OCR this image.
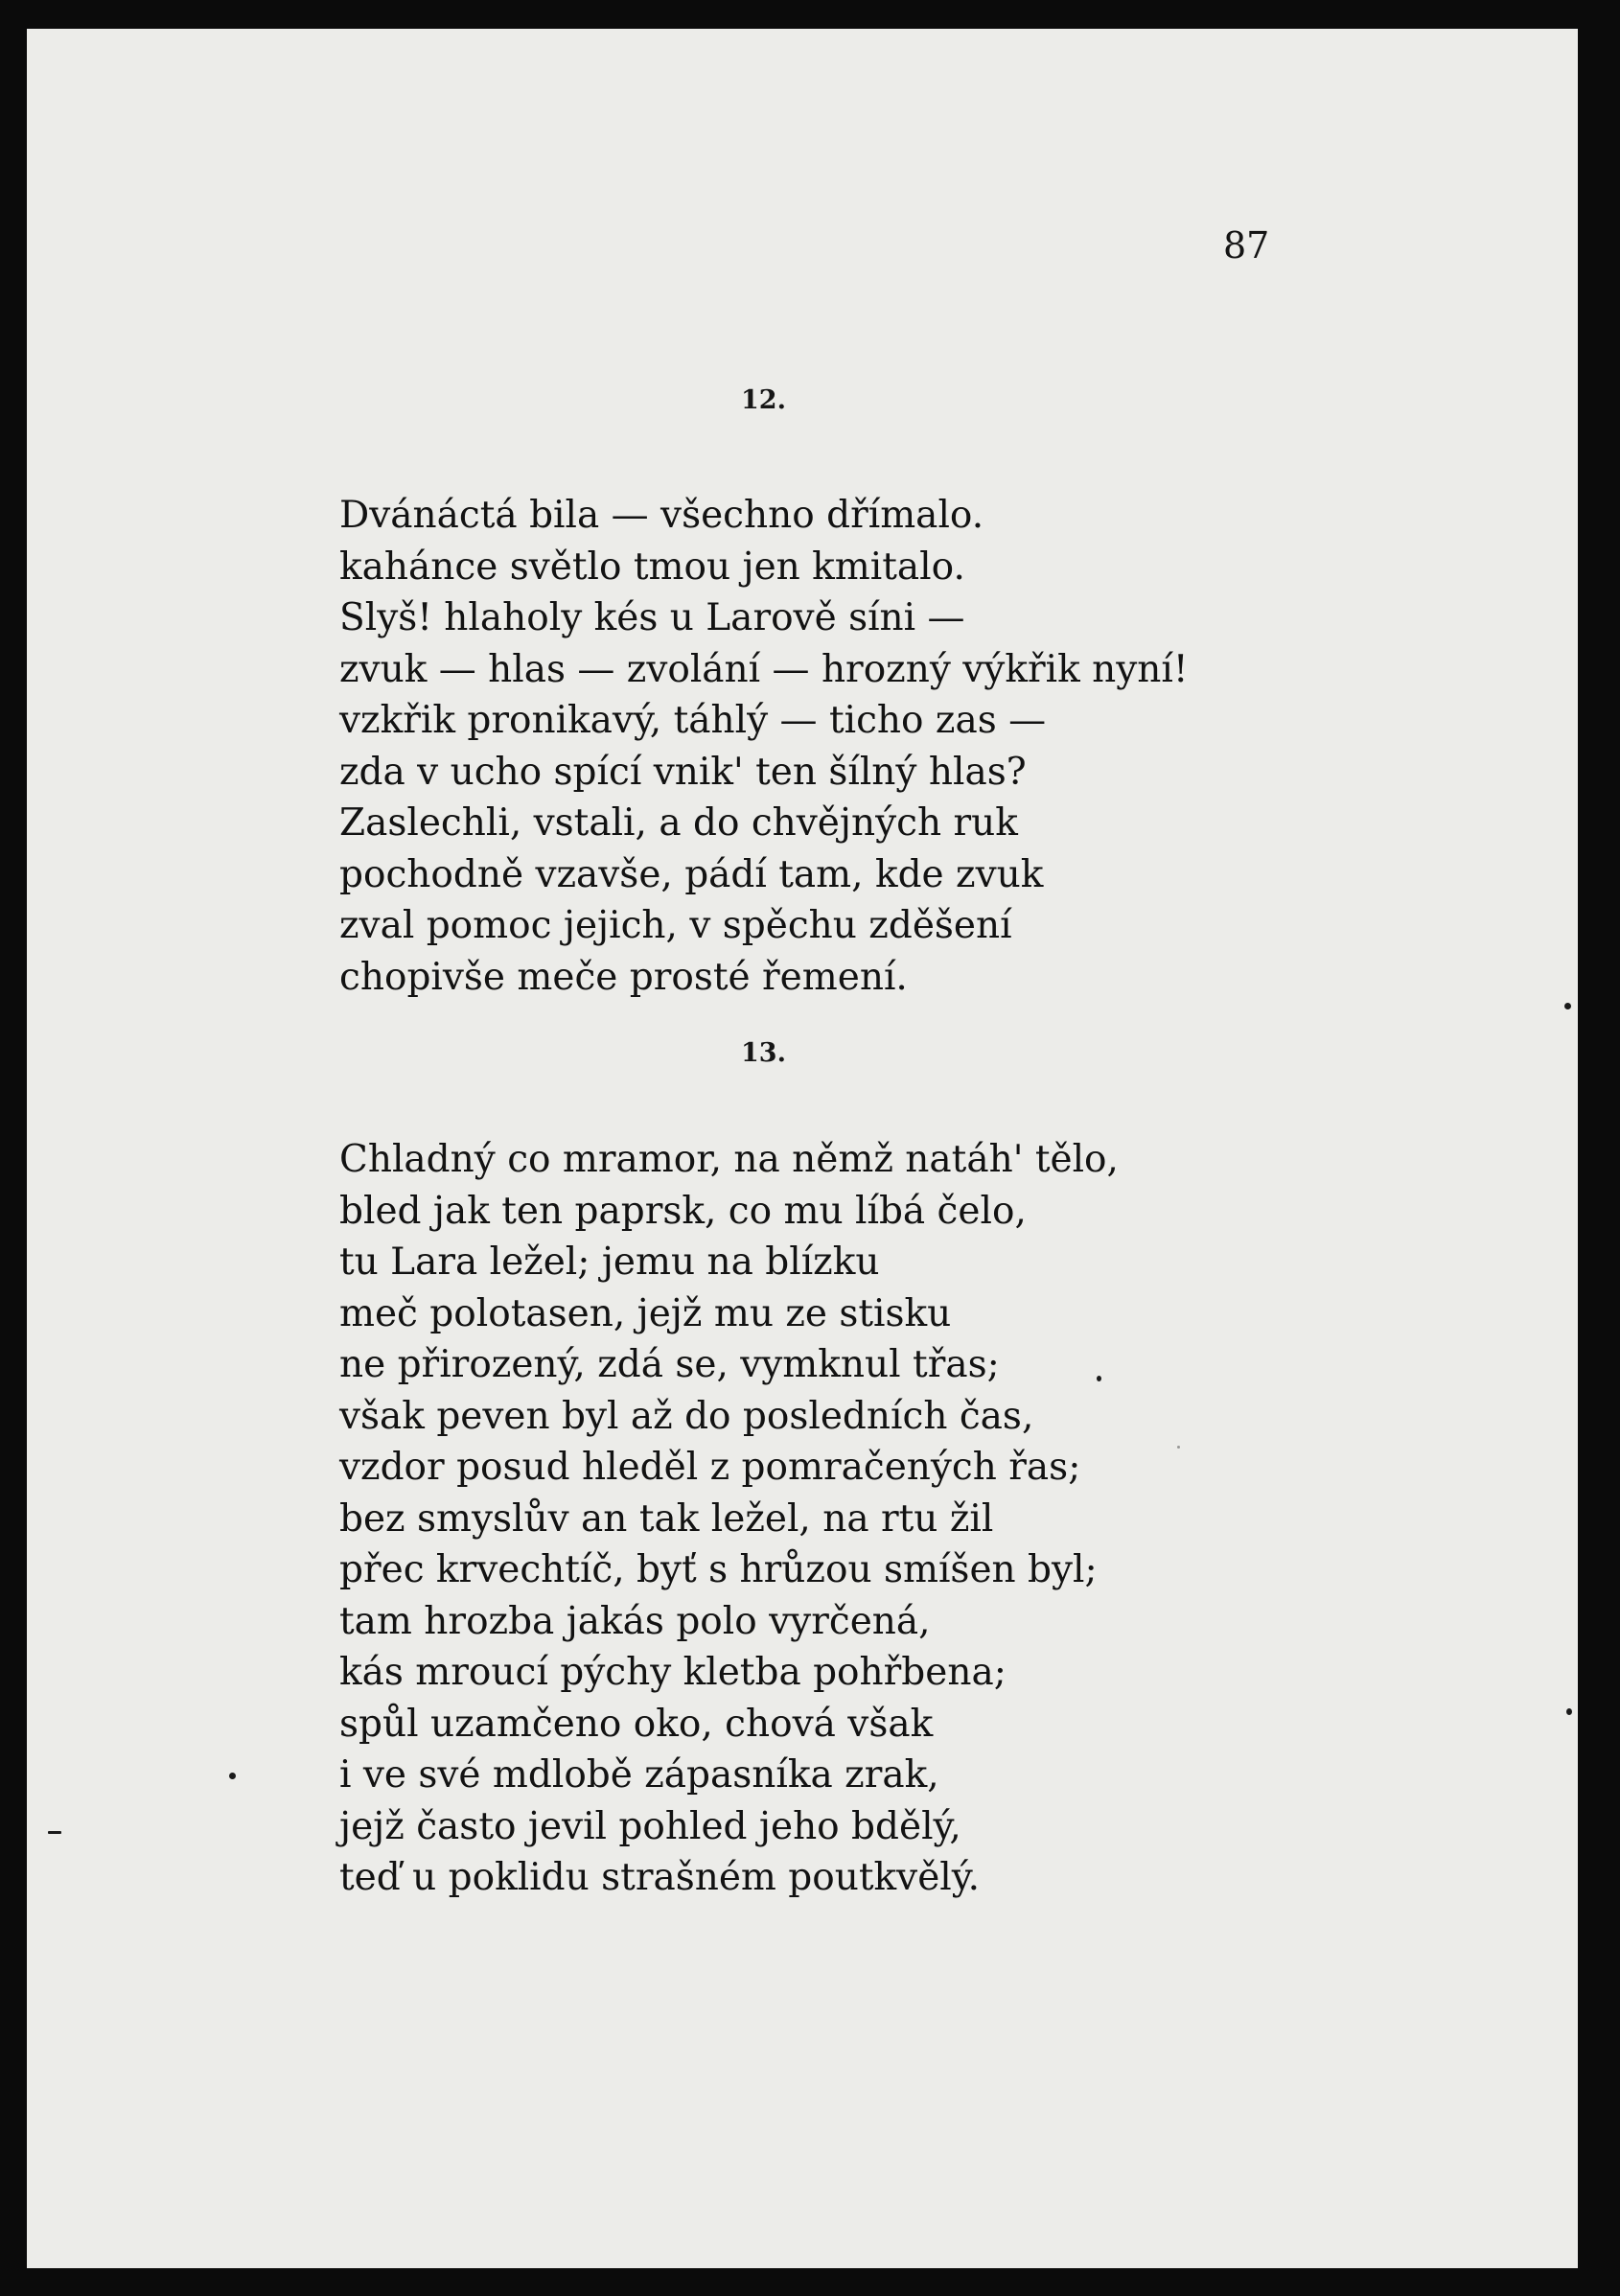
87
12.
Dvánáctá bila — všechno dřímalo.
kahánce světlo tmou jen kmitalo.
Slyš! hlaholy kés u Larově síni —
zvuk — hlas — zvolání — hrozný výkřik nyní!
vzkřik pronikavý, táhlý — ticho zas —
zda v ucho spící vnik' ten šílný hlas?
Zaslechli, vstali, a do chvějných ruk
pochodně vzavše, pádí tam, kde zvuk
zval pomoc jejich, v spěchu zděšení
chopivše meče prosté řemení.
13.
Chladný co mramor, na němž natáh' tělo,
bled jak ten paprsk, co mu líbá čelo,
tu Lara ležel; jemu na blízku
meč polotasen, jejž mu ze stisku
ne přirozený, zdá se, vymknul třas;
však peven byl až do posledních čas,
vzdor posud hleděl z pomračených řas;
bez smyslův an tak ležel, na rtu žil
přec krvechtíč, byť s hrůzou smíšen byl;
tam hrozba jakás polo vyrčená,
kás mroucí pýchy kletba pohřbena;
spůl uzamčeno oko, chová však
i ve své mdlobě zápasníka zrak,
jejž často jevil pohled jeho bdělý,
teď u poklidu strašném poutkvělý.
